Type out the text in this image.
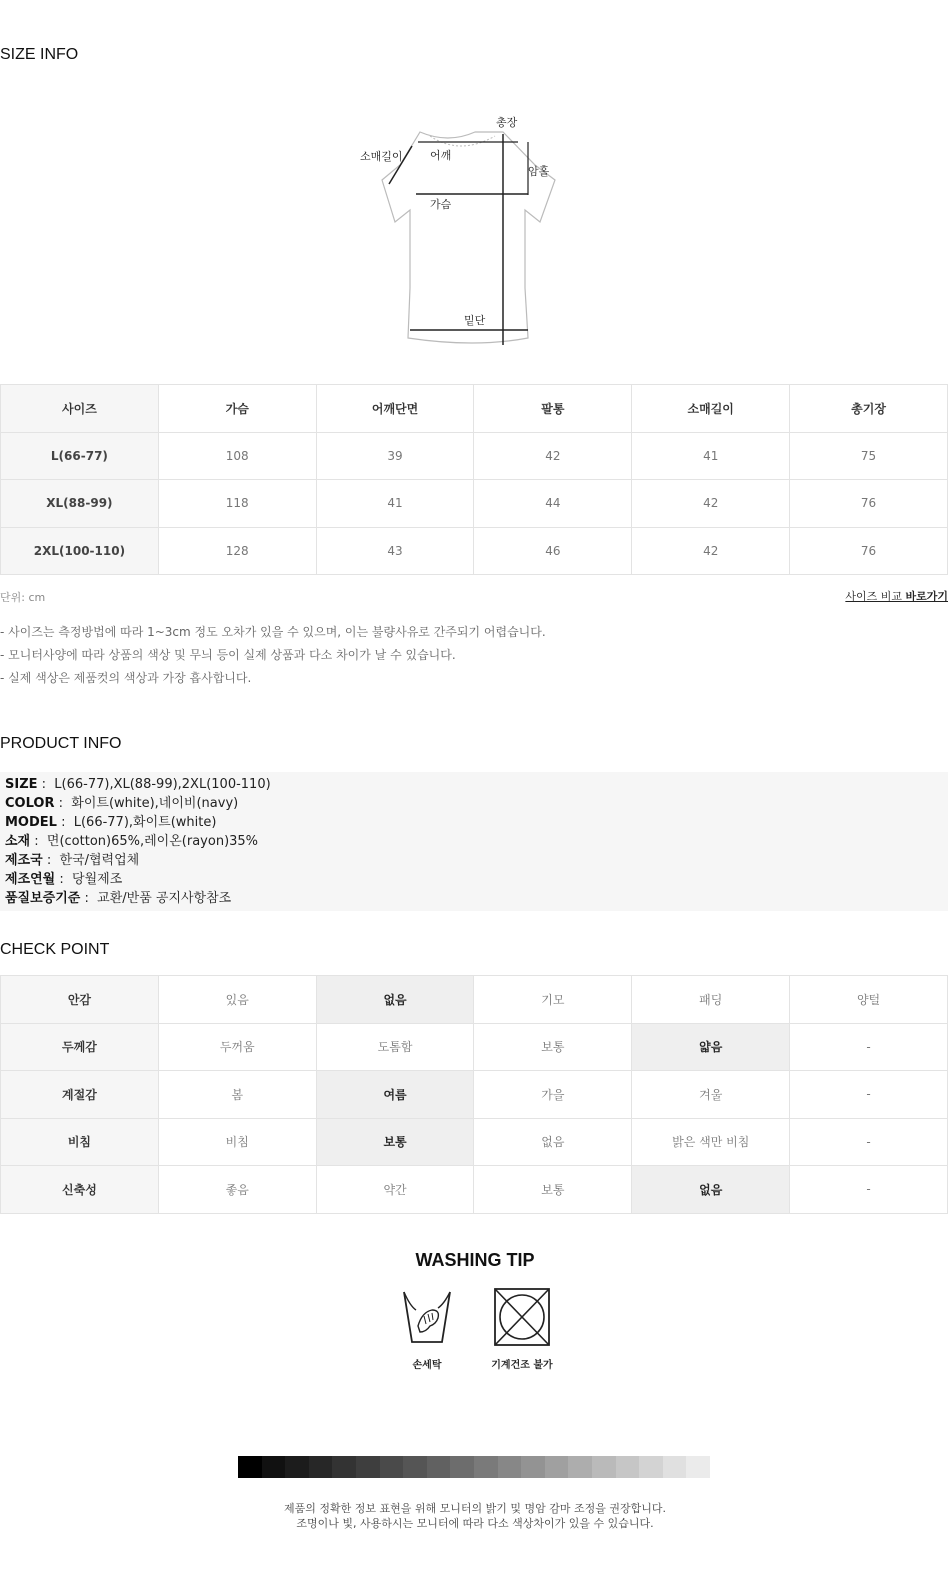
SIZE INFO
총장
소매길이 어깨
암홀
가슴
밑단
사이즈	가슴	어깨단면	팔통	소매길이	총기장
L(66-77)	108	39	42	41	75
XL(88-99)	118	41	44	42	76
2XL(100-110)	128	43	46	42	76
단위: cm	사이즈 비교 바로가기
- 사이즈는 측정방법에 따라 1~3cm 정도 오차가 있을 수 있으며, 이는 불량사유로 간주되기 어렵습니다.
- 모니터사양에 따라 상품의 색상 및 무늬 등이 실제 상품과 다소 차이가 날 수 있습니다.
- 실제 색상은 제품컷의 색상과 가장 흡사합니다.
PRODUCT INFO
SIZE :  L(66-77),XL(88-99),2XL(100-110)
COLOR :  화이트(white),네이비(navy)
MODEL :  L(66-77),화이트(white)
소재 :  면(cotton)65%,레이온(rayon)35%
제조국 :  한국/협력업체
제조연월 :  당월제조
품질보증기준 :  교환/반품 공지사항참조
CHECK POINT
안감	있음	없음	기모	패딩	양털
두께감	두꺼움	도톰함	보통	얇음	-
계절감	봄	여름	가을	겨울	-
비침	비침	보통	없음	밝은 색만 비침	-
신축성	좋음	약간	보통	없음	-
WASHING TIP
손세탁	기계건조 불가
제품의 정확한 정보 표현을 위해 모니터의 밝기 및 명암 감마 조정을 권장합니다.
조명이나 빛, 사용하시는 모니터에 따라 다소 색상차이가 있을 수 있습니다.
